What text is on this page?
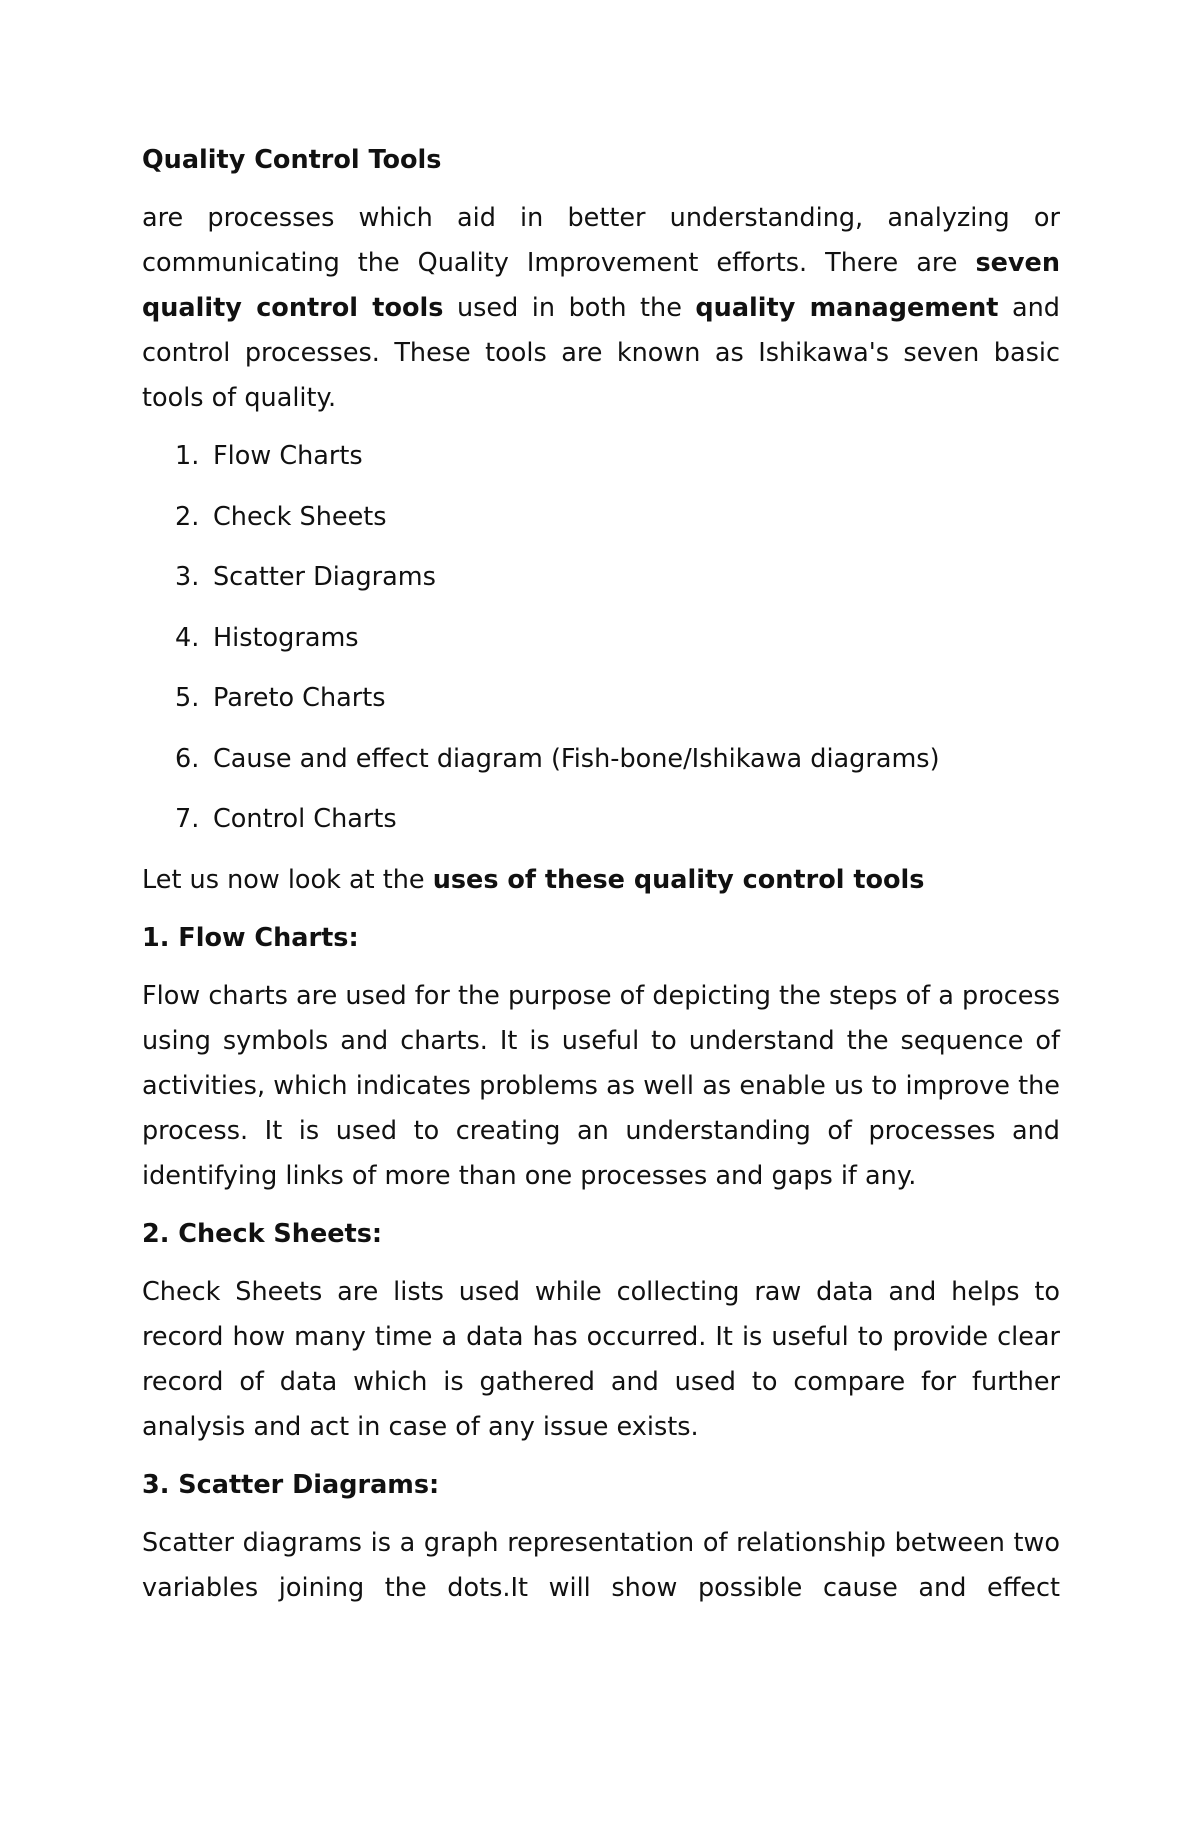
Quality Control Tools
are processes which aid in better understanding, analyzing or communicating the Quality Improvement efforts. There are seven quality control tools used in both the quality management and control processes. These tools are known as Ishikawa's seven basic tools of quality.
1. Flow Charts
2. Check Sheets
3. Scatter Diagrams
4. Histograms
5. Pareto Charts
6. Cause and effect diagram (Fish-bone/Ishikawa diagrams)
7. Control Charts
Let us now look at the uses of these quality control tools
1. Flow Charts:
Flow charts are used for the purpose of depicting the steps of a process using symbols and charts. It is useful to understand the sequence of activities, which indicates problems as well as enable us to improve the process. It is used to creating an understanding of processes and identifying links of more than one processes and gaps if any.
2. Check Sheets:
Check Sheets are lists used while collecting raw data and helps to record how many time a data has occurred. It is useful to provide clear record of data which is gathered and used to compare for further analysis and act in case of any issue exists.
3. Scatter Diagrams:
Scatter diagrams is a graph representation of relationship between two variables joining the dots.It will show possible cause and effect
